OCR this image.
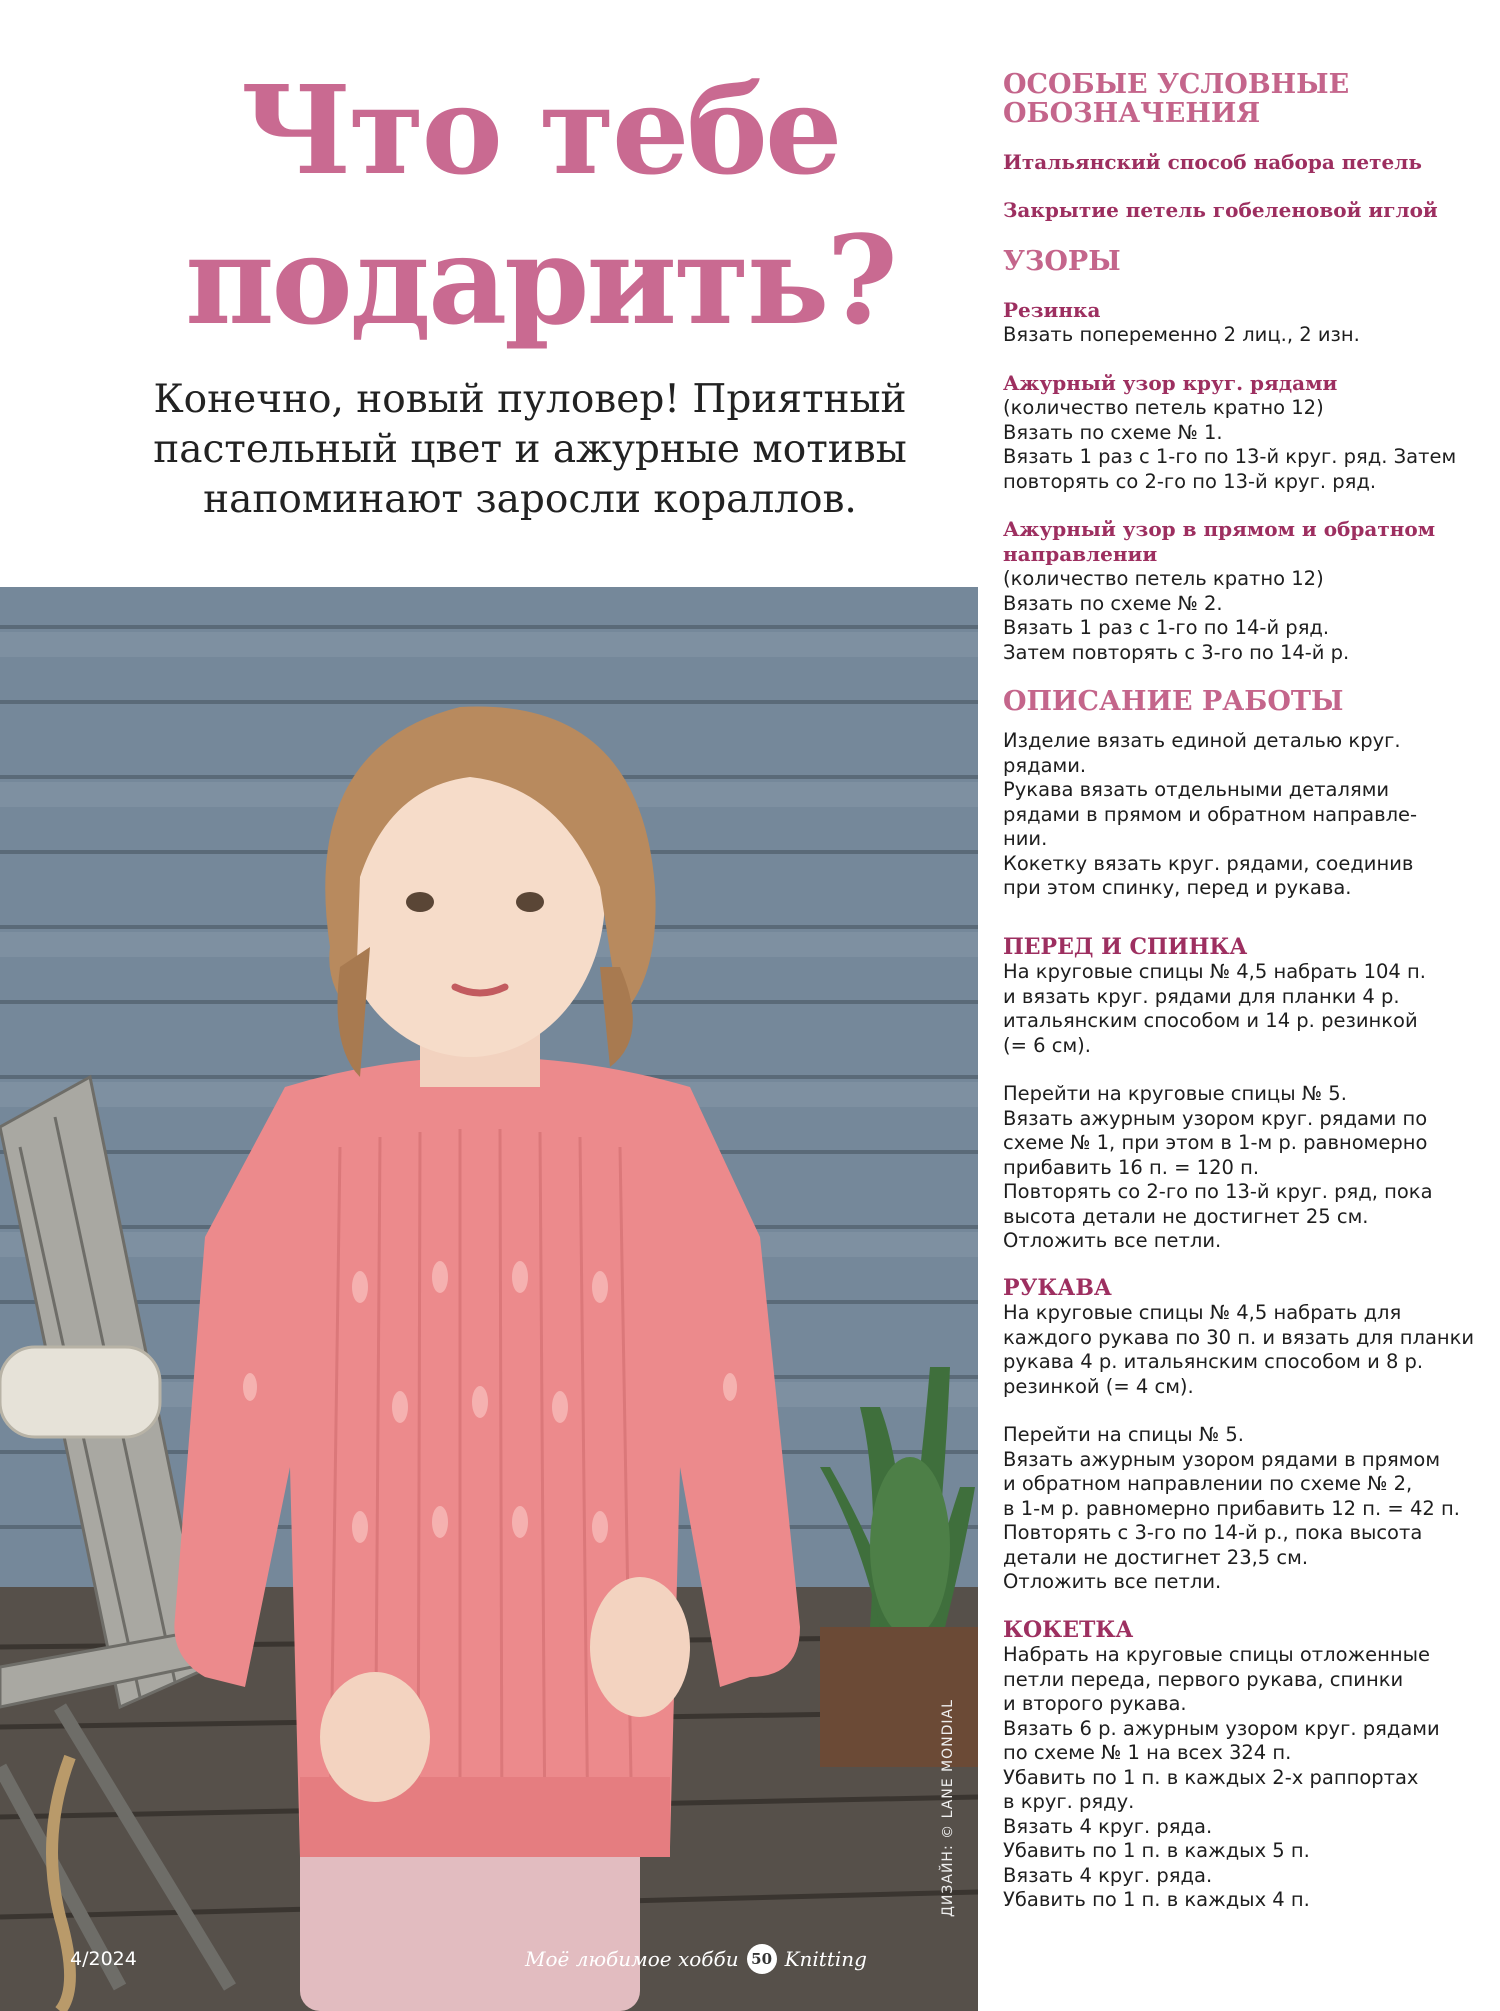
Что тебе
подарить?

Конечно, новый пуловер! Приятный
пастельный цвет и ажурные мотивы
напоминают заросли кораллов.

ДИЗАЙН: © LANE MONDIAL
4/2024	Моё любимое хобби 50 Knitting
ОСОБЫЕ УСЛОВНЫЕ
ОБОЗНАЧЕНИЯ
Итальянский способ набора петель
Закрытие петель гобеленовой иглой
УЗОРЫ
Резинка
Вязать попеременно 2 лиц., 2 изн.
Ажурный узор круг. рядами
(количество петель кратно 12)
Вязать по схеме № 1.
Вязать 1 раз с 1-го по 13-й круг. ряд. Затем
повторять со 2-го по 13-й круг. ряд.
Ажурный узор в прямом и обратном
направлении
(количество петель кратно 12)
Вязать по схеме № 2.
Вязать 1 раз с 1-го по 14-й ряд.
Затем повторять с 3-го по 14-й р.
ОПИСАНИЕ РАБОТЫ
Изделие вязать единой деталью круг.
рядами.
Рукава вязать отдельными деталями
рядами в прямом и обратном направле-
нии.
Кокетку вязать круг. рядами, соединив
при этом спинку, перед и рукава.
ПЕРЕД И СПИНКА
На круговые спицы № 4,5 набрать 104 п.
и вязать круг. рядами для планки 4 р.
итальянским способом и 14 р. резинкой
(= 6 см).
Перейти на круговые спицы № 5.
Вязать ажурным узором круг. рядами по
схеме № 1, при этом в 1-м р. равномерно
прибавить 16 п. = 120 п.
Повторять со 2-го по 13-й круг. ряд, пока
высота детали не достигнет 25 см.
Отложить все петли.
РУКАВА
На круговые спицы № 4,5 набрать для
каждого рукава по 30 п. и вязать для планки
рукава 4 р. итальянским способом и 8 р.
резинкой (= 4 см).
Перейти на спицы № 5.
Вязать ажурным узором рядами в прямом
и обратном направлении по схеме № 2,
в 1-м р. равномерно прибавить 12 п. = 42 п.
Повторять с 3-го по 14-й р., пока высота
детали не достигнет 23,5 см.
Отложить все петли.
КОКЕТКА
Набрать на круговые спицы отложенные
петли переда, первого рукава, спинки
и второго рукава.
Вязать 6 р. ажурным узором круг. рядами
по схеме № 1 на всех 324 п.
Убавить по 1 п. в каждых 2-х раппортах
в круг. ряду.
Вязать 4 круг. ряда.
Убавить по 1 п. в каждых 5 п.
Вязать 4 круг. ряда.
Убавить по 1 п. в каждых 4 п.
